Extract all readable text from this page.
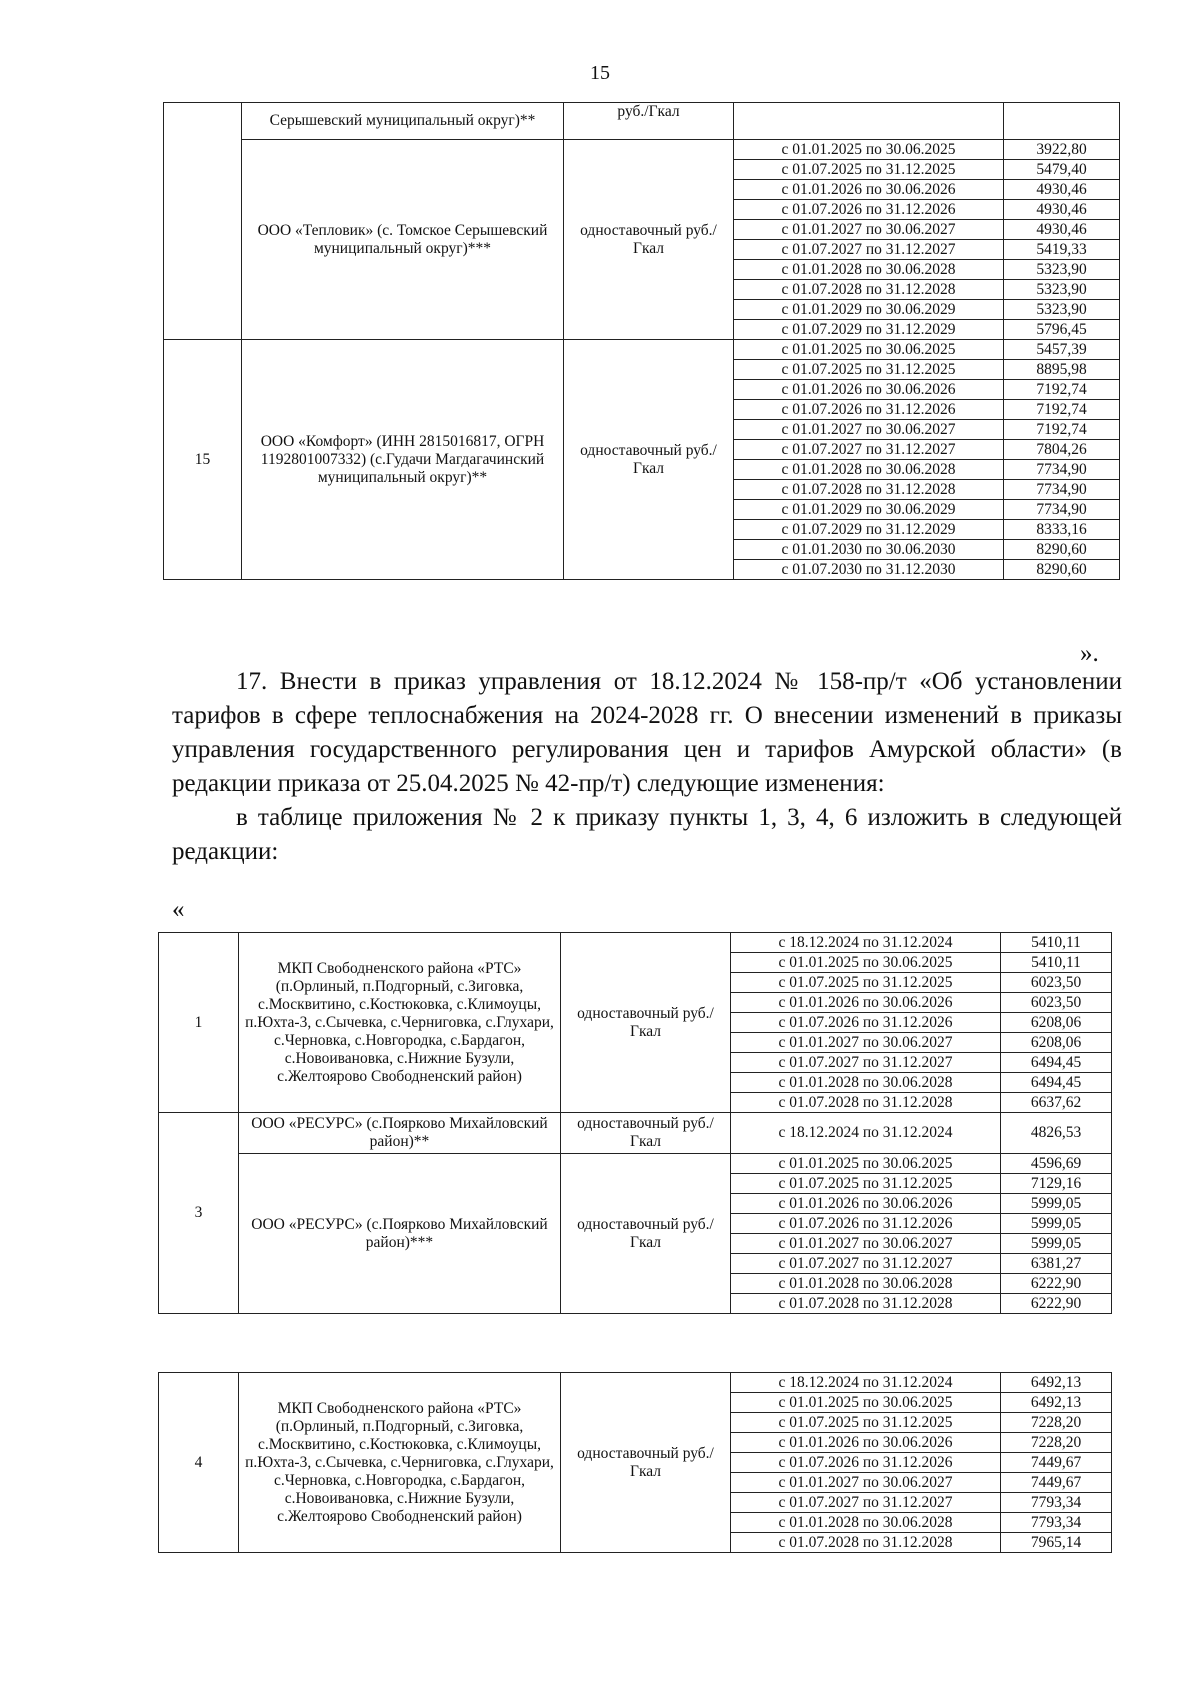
15
	Серышевский муниципальный округ)**	руб./Гкал		
	ООО «Тепловик» (с. Томское Серышевский муниципальный округ)***	одноставочный руб./Гкал	с 01.01.2025 по 30.06.2025	3922,80
			с 01.07.2025 по 31.12.2025	5479,40
			с 01.01.2026 по 30.06.2026	4930,46
			с 01.07.2026 по 31.12.2026	4930,46
			с 01.01.2027 по 30.06.2027	4930,46
			с 01.07.2027 по 31.12.2027	5419,33
			с 01.01.2028 по 30.06.2028	5323,90
			с 01.07.2028 по 31.12.2028	5323,90
			с 01.01.2029 по 30.06.2029	5323,90
			с 01.07.2029 по 31.12.2029	5796,45
15	ООО «Комфорт» (ИНН 2815016817, ОГРН 1192801007332) (с.Гудачи Магдагачинский муниципальный округ)**	одноставочный руб./Гкал	с 01.01.2025 по 30.06.2025	5457,39
			с 01.07.2025 по 31.12.2025	8895,98
			с 01.01.2026 по 30.06.2026	7192,74
			с 01.07.2026 по 31.12.2026	7192,74
			с 01.01.2027 по 30.06.2027	7192,74
			с 01.07.2027 по 31.12.2027	7804,26
			с 01.01.2028 по 30.06.2028	7734,90
			с 01.07.2028 по 31.12.2028	7734,90
			с 01.01.2029 по 30.06.2029	7734,90
			с 01.07.2029 по 31.12.2029	8333,16
			с 01.01.2030 по 30.06.2030	8290,60
			с 01.07.2030 по 31.12.2030	8290,60
».
17. Внести в приказ управления от 18.12.2024 № 158-пр/т «Об установлении тарифов в сфере теплоснабжения на 2024-2028 гг. О внесении изменений в приказы управления государственного регулирования цен и тарифов Амурской области» (в редакции приказа от 25.04.2025 № 42-пр/т) следующие изменения:
в таблице приложения № 2 к приказу пункты 1, 3, 4, 6 изложить в следующей редакции:
«
1	МКП Свободненского района «РТС» (п.Орлиный, п.Подгорный, с.Зиговка, с.Москвитино, с.Костюковка, с.Климоуцы, п.Юхта-3, с.Сычевка, с.Черниговка, с.Глухари, с.Черновка, с.Новгородка, с.Бардагон, с.Новоивановка, с.Нижние Бузули, с.Желтоярово Свободненский район)	одноставочный руб./Гкал	с 18.12.2024 по 31.12.2024	5410,11
			с 01.01.2025 по 30.06.2025	5410,11
			с 01.07.2025 по 31.12.2025	6023,50
			с 01.01.2026 по 30.06.2026	6023,50
			с 01.07.2026 по 31.12.2026	6208,06
			с 01.01.2027 по 30.06.2027	6208,06
			с 01.07.2027 по 31.12.2027	6494,45
			с 01.01.2028 по 30.06.2028	6494,45
			с 01.07.2028 по 31.12.2028	6637,62
3	ООО «РЕСУРС» (с.Поярково Михайловский район)**	одноставочный руб./Гкал	с 18.12.2024 по 31.12.2024	4826,53
	ООО «РЕСУРС» (с.Поярково Михайловский район)***	одноставочный руб./Гкал	с 01.01.2025 по 30.06.2025	4596,69
			с 01.07.2025 по 31.12.2025	7129,16
			с 01.01.2026 по 30.06.2026	5999,05
			с 01.07.2026 по 31.12.2026	5999,05
			с 01.01.2027 по 30.06.2027	5999,05
			с 01.07.2027 по 31.12.2027	6381,27
			с 01.01.2028 по 30.06.2028	6222,90
			с 01.07.2028 по 31.12.2028	6222,90
4	МКП Свободненского района «РТС» (п.Орлиный, п.Подгорный, с.Зиговка, с.Москвитино, с.Костюковка, с.Климоуцы, п.Юхта-3, с.Сычевка, с.Черниговка, с.Глухари, с.Черновка, с.Новгородка, с.Бардагон, с.Новоивановка, с.Нижние Бузули, с.Желтоярово Свободненский район)	одноставочный руб./Гкал	с 18.12.2024 по 31.12.2024	6492,13
			с 01.01.2025 по 30.06.2025	6492,13
			с 01.07.2025 по 31.12.2025	7228,20
			с 01.01.2026 по 30.06.2026	7228,20
			с 01.07.2026 по 31.12.2026	7449,67
			с 01.01.2027 по 30.06.2027	7449,67
			с 01.07.2027 по 31.12.2027	7793,34
			с 01.01.2028 по 30.06.2028	7793,34
			с 01.07.2028 по 31.12.2028	7965,14
